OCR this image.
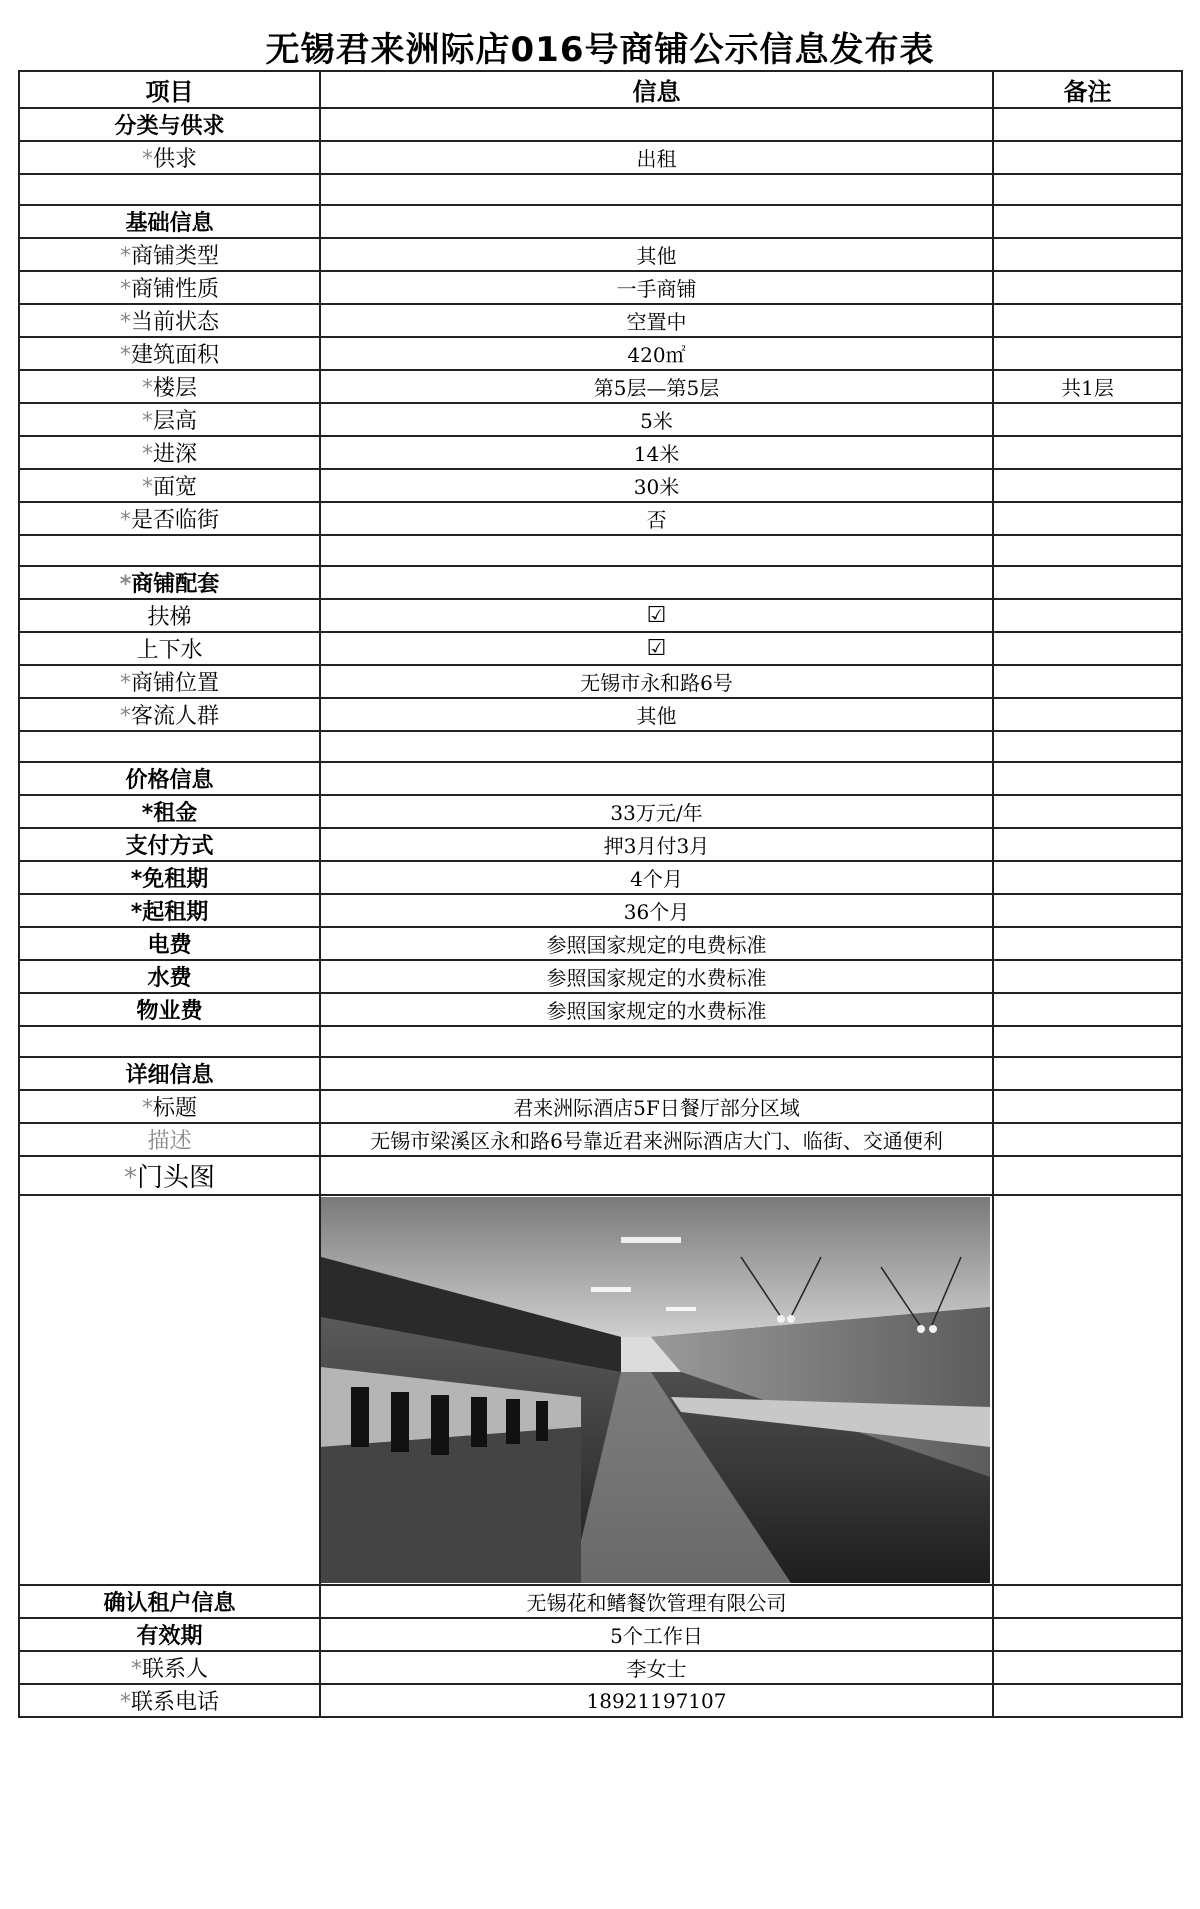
无锡君来洲际店016号商铺公示信息发布表
项目	信息	备注
分类与供求		
*供求	出租	

基础信息		
*商铺类型	其他	
*商铺性质	一手商铺	
*当前状态	空置中	
*建筑面积	420㎡	
*楼层	第5层—第5层	共1层
*层高	5米	
*进深	14米	
*面宽	30米	
*是否临街	否	

*商铺配套		
扶梯	☑	
上下水	☑	
*商铺位置	无锡市永和路6号	
*客流人群	其他	

价格信息		
*租金	33万元/年	
支付方式	押3月付3月	
*免租期	4个月	
*起租期	36个月	
电费	参照国家规定的电费标准	
水费	参照国家规定的水费标准	
物业费	参照国家规定的水费标准	

详细信息		
*标题	君来洲际酒店5F日餐厅部分区域	
描述	无锡市梁溪区永和路6号靠近君来洲际酒店大门、临街、交通便利	
*门头图		

确认租户信息	无锡花和鳍餐饮管理有限公司	
有效期	5个工作日	
*联系人	李女士	
*联系电话	18921197107	
